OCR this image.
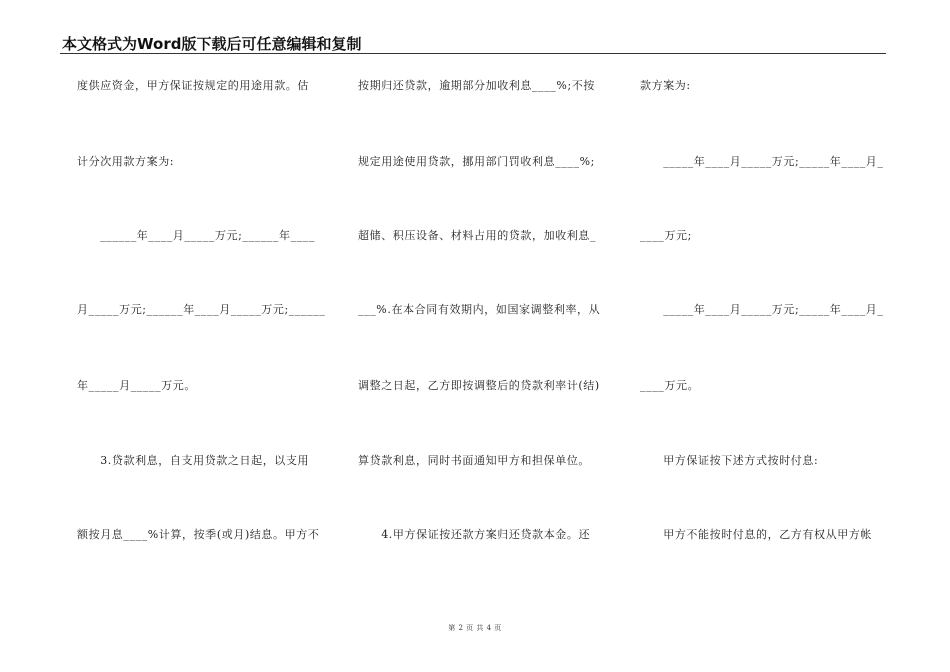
本文格式为Word版下载后可任意编辑和复制
度供应资金，甲方保证按规定的用途用款。估
计分次用款方案为:
　　______年____月_____万元;______年____
月_____万元;______年____月_____万元;______
年_____月_____万元。
　　3.贷款利息，自支用贷款之日起，以支用
额按月息____%计算，按季(或月)结息。甲方不
按期归还贷款，逾期部分加收利息____%;不按
规定用途使用贷款，挪用部门罚收利息____%;
超储、积压设备、材料占用的贷款，加收利息_
___%.在本合同有效期内，如国家调整利率，从
调整之日起，乙方即按调整后的贷款利率计(结)
算贷款利息，同时书面通知甲方和担保单位。
　　4.甲方保证按还款方案归还贷款本金。还
款方案为:
　　_____年____月_____万元;_____年____月_
____万元;
　　_____年____月_____万元;_____年____月_
____万元。
　　甲方保证按下述方式按时付息:
　　甲方不能按时付息的，乙方有权从甲方帐
第 2 页 共 4 页
